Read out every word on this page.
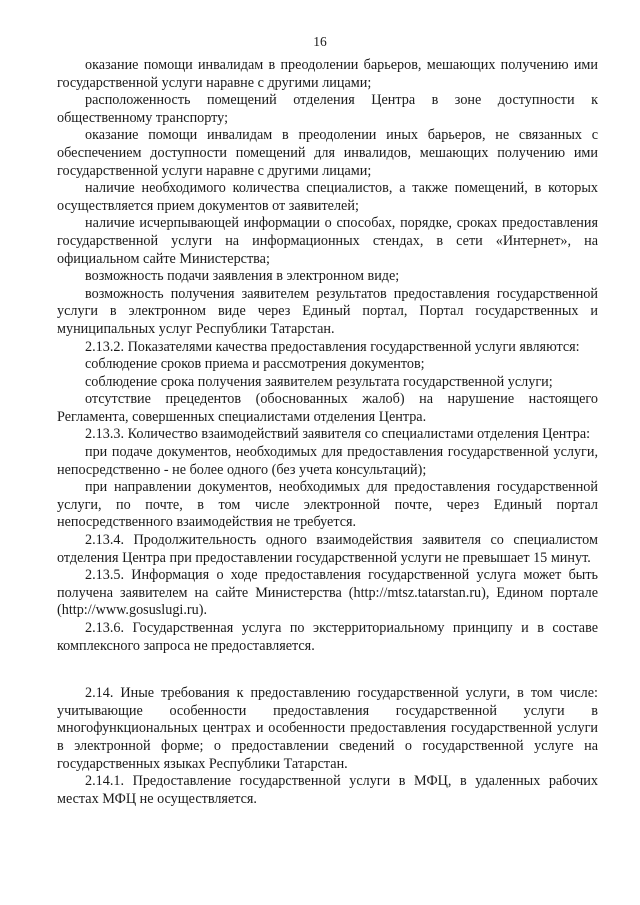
16

оказание помощи инвалидам в преодолении барьеров, мешающих получению ими государственной услуги наравне с другими лицами;

расположенность помещений отделения Центра в зоне доступности к общественному транспорту;

оказание помощи инвалидам в преодолении иных барьеров, не связанных с обеспечением доступности помещений для инвалидов, мешающих получению ими государственной услуги наравне с другими лицами;

наличие необходимого количества специалистов, а также помещений, в которых осуществляется прием документов от заявителей;

наличие исчерпывающей информации о способах, порядке, сроках предоставления государственной услуги на информационных стендах, в сети «Интернет», на официальном сайте Министерства;

возможность подачи заявления в электронном виде;

возможность получения заявителем результатов предоставления государственной услуги в электронном виде через Единый портал, Портал государственных и муниципальных услуг Республики Татарстан.

2.13.2. Показателями качества предоставления государственной услуги являются:

соблюдение сроков приема и рассмотрения документов;

соблюдение срока получения заявителем результата государственной услуги;

отсутствие прецедентов (обоснованных жалоб) на нарушение настоящего Регламента, совершенных специалистами отделения Центра.

2.13.3. Количество взаимодействий заявителя со специалистами отделения Центра:

при подаче документов, необходимых для предоставления государственной услуги, непосредственно - не более одного (без учета консультаций);

при направлении документов, необходимых для предоставления государственной услуги, по почте, в том числе электронной почте, через Единый портал непосредственного взаимодействия не требуется.

2.13.4. Продолжительность одного взаимодействия заявителя со специалистом отделения Центра при предоставлении государственной услуги не превышает 15 минут.

2.13.5. Информация о ходе предоставления государственной услуга может быть получена заявителем на сайте Министерства (http://mtsz.tatarstan.ru), Едином портале (http://www.gosuslugi.ru).

2.13.6. Государственная услуга по экстерриториальному принципу и в составе комплексного запроса не предоставляется.

2.14. Иные требования к предоставлению государственной услуги, в том числе: учитывающие особенности предоставления государственной услуги в многофункциональных центрах и особенности предоставления государственной услуги в электронной форме; о предоставлении сведений о государственной услуге на государственных языках Республики Татарстан.

2.14.1. Предоставление государственной услуги в МФЦ, в удаленных рабочих местах МФЦ не осуществляется.
